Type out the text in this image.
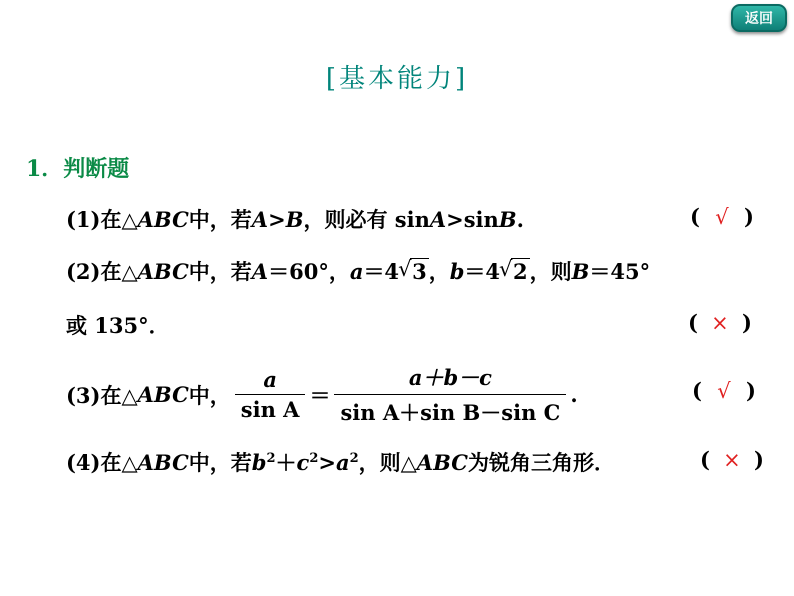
返回
[基本能力]
1．判断题
(1)在△ ABC 中，若 A > B ，则必有 sin A >sin B .	( √ )
(2)在△ ABC 中，若 A ＝60°， a ＝4 √ 3 ， b ＝4 √ 2 ，则 B ＝45°
或 135°．	( × )
(3)在△ ABC 中， $\frac{a}{\text{sin A}} = \frac{a+b-c}{\text{sin A＋sin B－sin C}}$ .	( √ )
(4)在△ ABC 中，若 $b^2 + c^2 > a^2$ ，则△ ABC 为锐角三角形．	( × )
